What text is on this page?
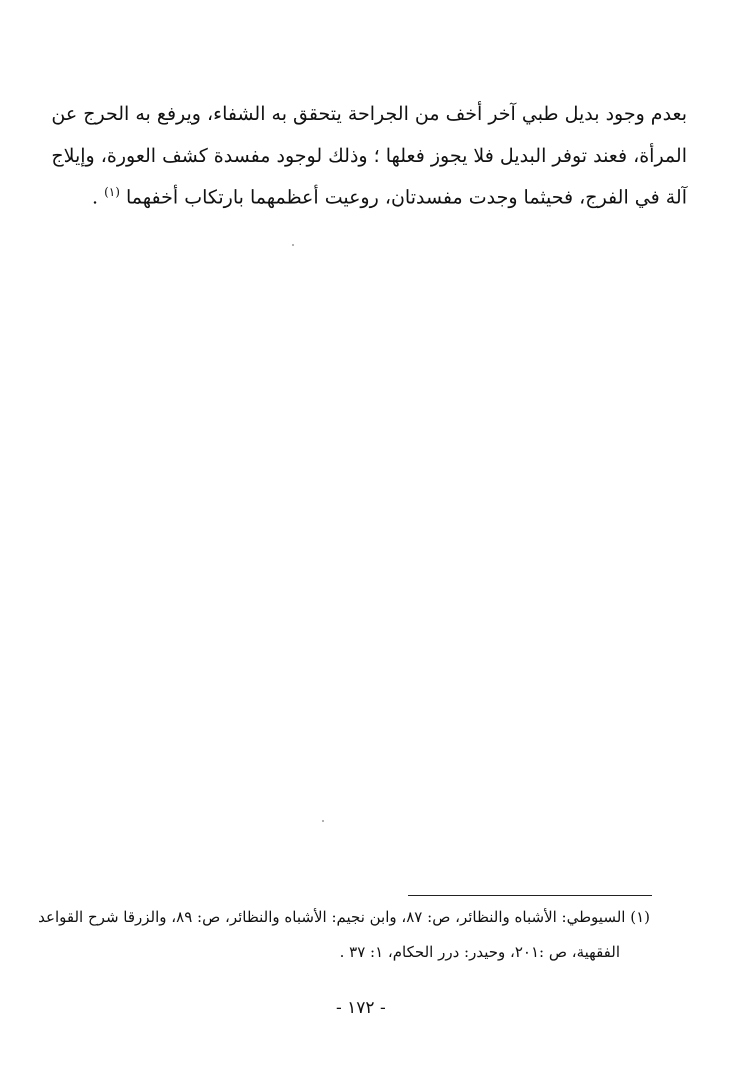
بعدم وجود بديل طبي آخر أخف من الجراحة يتحقق به الشفاء، ويرفع به الحرج عن
المرأة، فعند توفر البديل فلا يجوز فعلها ؛ وذلك لوجود مفسدة كشف العورة، وإيلاج
آلة في الفرج، فحيثما وجدت مفسدتان، روعيت أعظمهما بارتكاب أخفهما $^{(١)}$ .
(١) السيوطي: الأشباه والنظائر، ص: ٨٧، وابن نجيم: الأشباه والنظائر، ص: ٨٩، والزرقا شرح القواعد
الفقهية، ص :٢٠١، وحيدر: درر الحكام، ١: ٣٧ .
- ١٧٢ -
